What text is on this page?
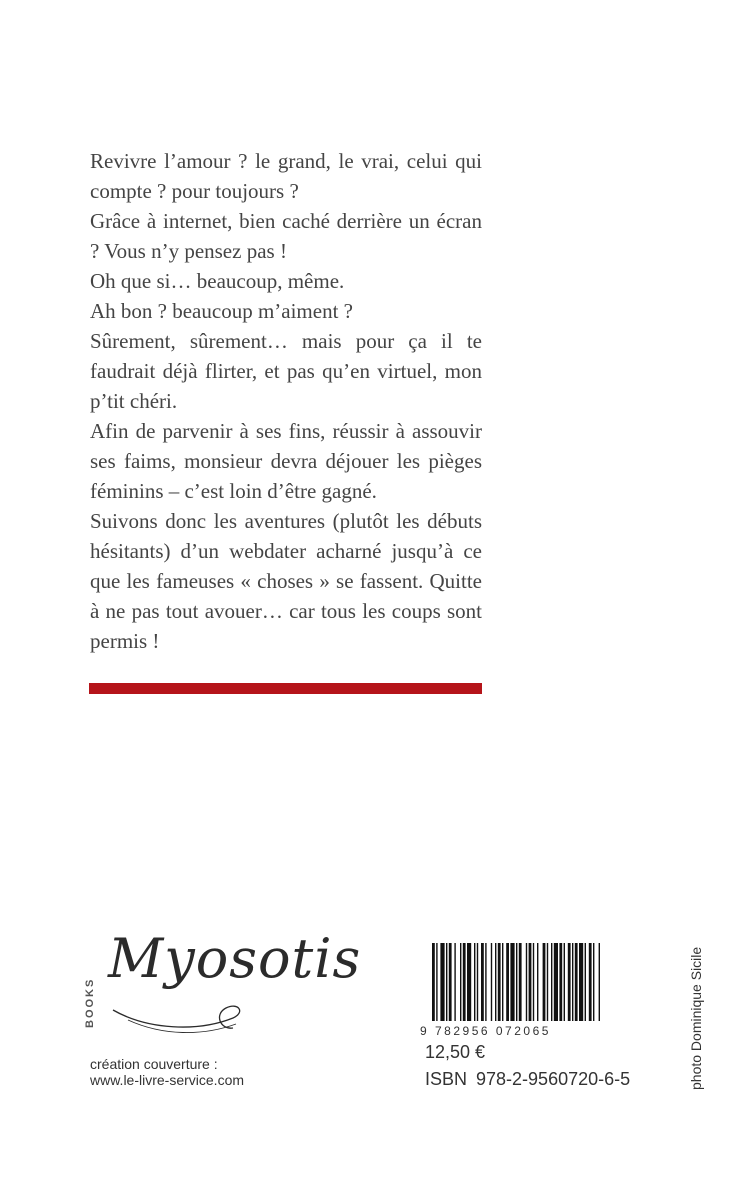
Revivre l’amour ? le grand, le vrai, celui qui compte ? pour toujours ?

Grâce à internet, bien caché derrière un écran ? Vous n’y pensez pas !

Oh que si… beaucoup, même.

Ah bon ? beaucoup m’aiment ?

Sûrement, sûrement… mais pour ça il te faudrait déjà flirter, et pas qu’en virtuel, mon p’tit chéri.

Afin de parvenir à ses fins, réussir à assouvir ses faims, monsieur devra déjouer les pièges féminins – c’est loin d’être gagné.

Suivons donc les aventures (plutôt les débuts hésitants) d’un webdater acharné jusqu’à ce que les fameuses « choses » se fassent. Quitte à ne pas tout avouer… car tous les coups sont permis !

BOOKS
Myosotis
création couverture :
www.le-livre-service.com
9 782956 072065
12,50 €
ISBN 978-2-9560720-6-5	photo Dominique Sicile
